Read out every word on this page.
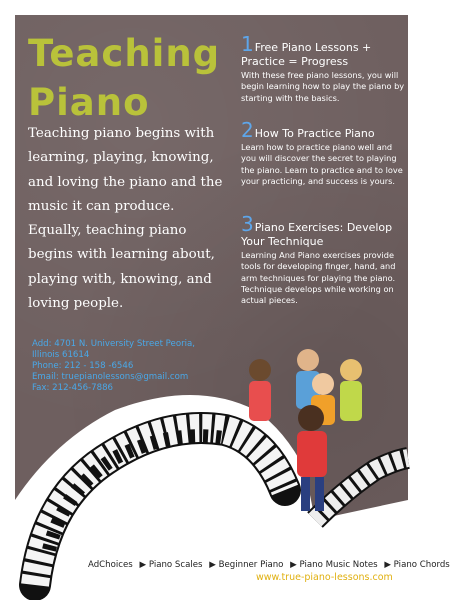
Teaching
Piano
Teaching piano begins with learning, playing, knowing, and loving the piano and the music it can produce. Equally, teaching piano begins with learning about, playing with, knowing, and loving people.
1Free Piano Lessons + Practice = Progress
With these free piano lessons, you will begin learning how to play the piano by starting with the basics.
2How To Practice Piano
Learn how to practice piano well and you will discover the secret to playing the piano. Learn to practice and to love your practicing, and success is yours.
3Piano Exercises: Develop Your Technique
Learning And Piano exercises provide tools for developing finger, hand, and arm techniques for playing the piano. Technique develops while working on actual pieces.
Add: 4701 N. University Street Peoria,
Illinois 61614
Phone: 212 - 158 -6546
Email: truepianolessons@gmail.com
Fax: 212-456-7886
AdChoices ▶ Piano Scales ▶ Beginner Piano ▶ Piano Music Notes ▶ Piano Chords
www.true-piano-lessons.com
